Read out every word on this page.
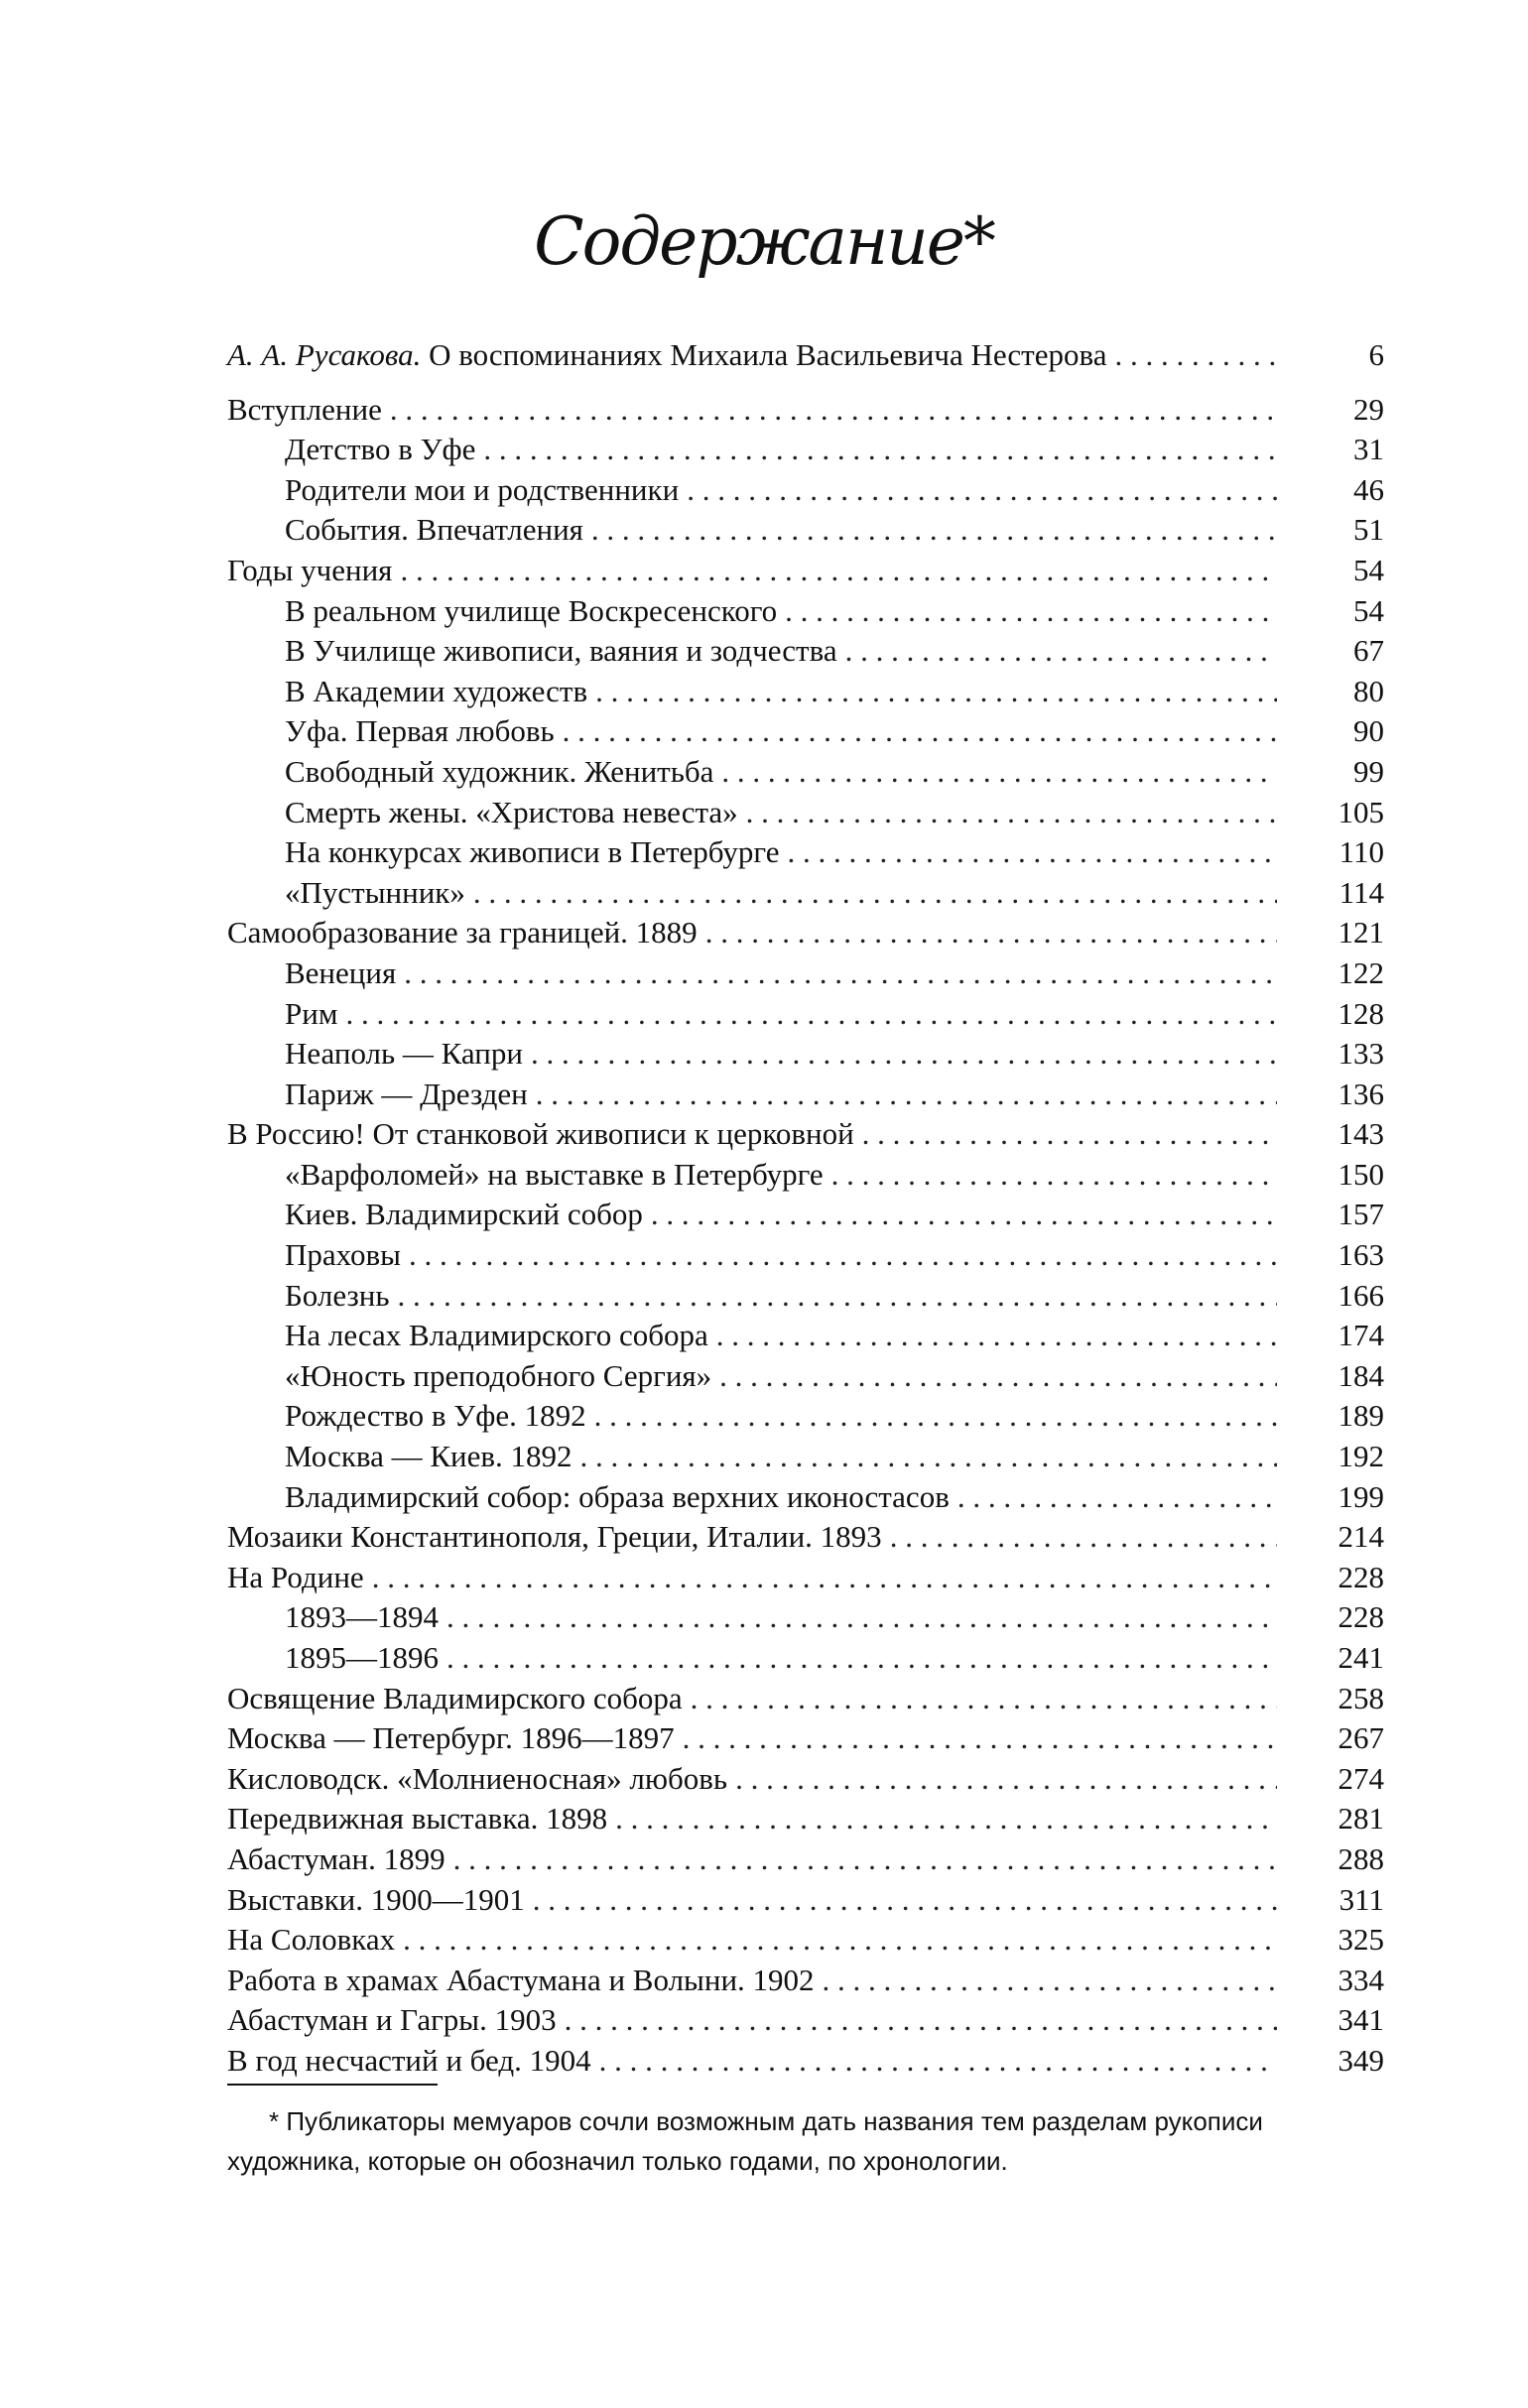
Содержание*
А. А. Русакова. О воспоминаниях Михаила Васильевича Нестерова . . .	6
Вступление . . .	29
Детство в Уфе . . .	31
Родители мои и родственники . . .	46
События. Впечатления . . .	51
Годы учения . . .	54
В реальном училище Воскресенского . . .	54
В Училище живописи, ваяния и зодчества . . .	67
В Академии художеств . . .	80
Уфа. Первая любовь . . .	90
Свободный художник. Женитьба . . .	99
Смерть жены. «Христова невеста» . . .	105
На конкурсах живописи в Петербурге . . .	110
«Пустынник» . . .	114
Самообразование за границей. 1889 . . .	121
Венеция . . .	122
Рим . . .	128
Неаполь — Капри . . .	133
Париж — Дрезден . . .	136
В Россию! От станковой живописи к церковной . . .	143
«Варфоломей» на выставке в Петербурге . . .	150
Киев. Владимирский собор . . .	157
Праховы . . .	163
Болезнь . . .	166
На лесах Владимирского собора . . .	174
«Юность преподобного Сергия» . . .	184
Рождество в Уфе. 1892 . . .	189
Москва — Киев. 1892 . . .	192
Владимирский собор: образа верхних иконостасов . . .	199
Мозаики Константинополя, Греции, Италии. 1893 . . .	214
На Родине . . .	228
1893—1894 . . .	228
1895—1896 . . .	241
Освящение Владимирского собора . . .	258
Москва — Петербург. 1896—1897 . . .	267
Кисловодск. «Молниеносная» любовь . . .	274
Передвижная выставка. 1898 . . .	281
Абастуман. 1899 . . .	288
Выставки. 1900—1901 . . .	311
На Соловках . . .	325
Работа в храмах Абастумана и Волыни. 1902 . . .	334
Абастуман и Гагры. 1903 . . .	341
В год несчастий и бед. 1904 . . .	349
* Публикаторы мемуаров сочли возможным дать названия тем разделам рукописи
художника, которые он обозначил только годами, по хронологии.
